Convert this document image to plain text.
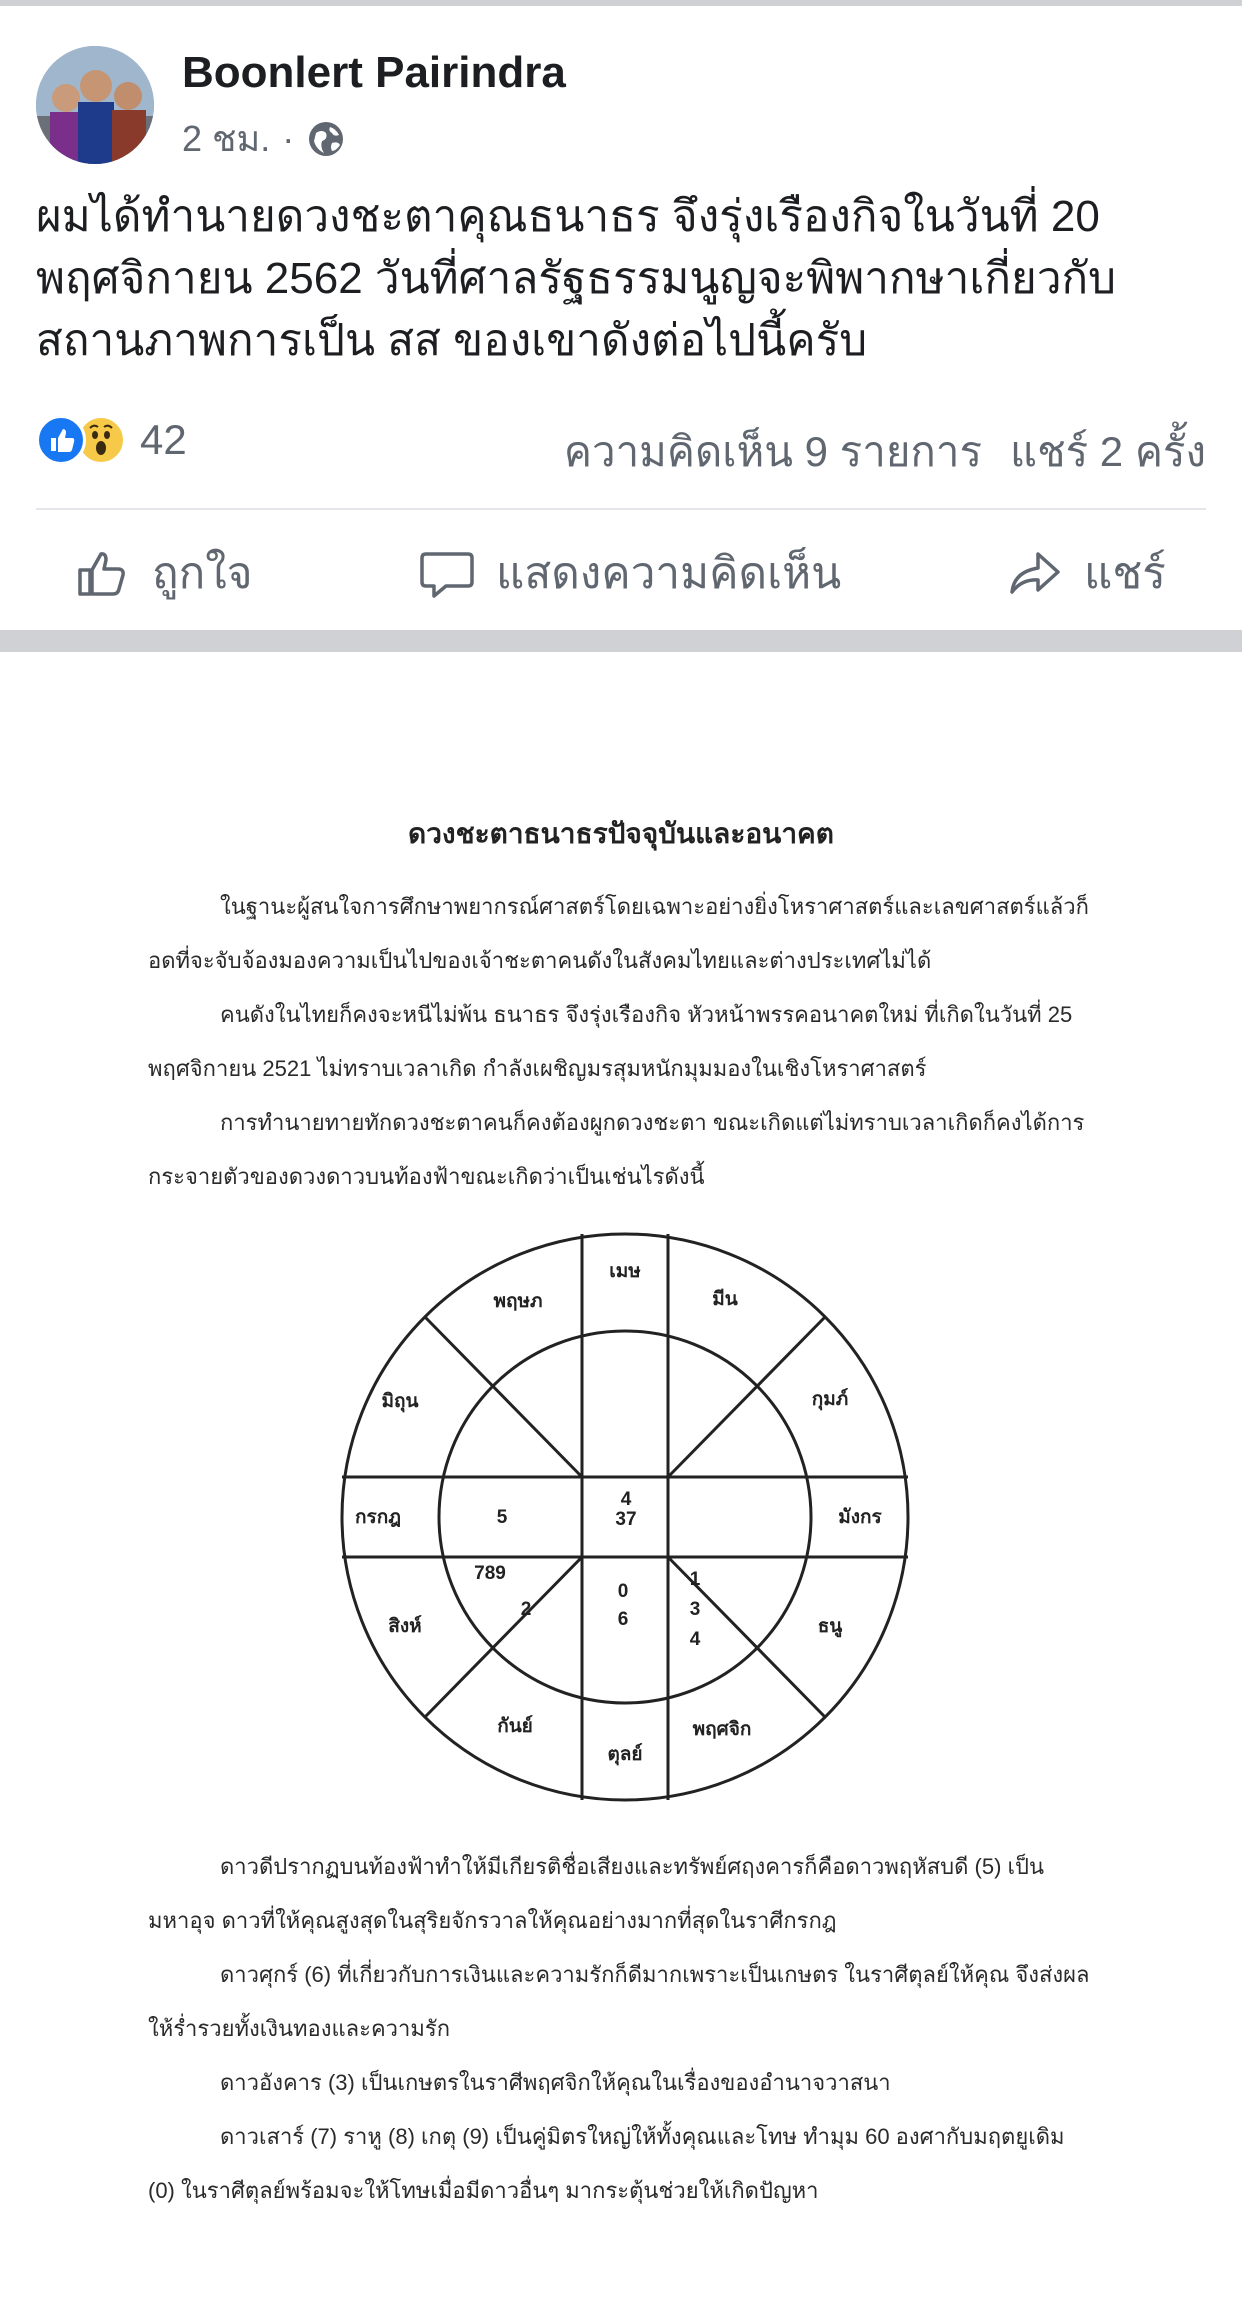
Boonlert Pairindra
2 ชม. ·
ผมได้ทำนายดวงชะตาคุณธนาธร จึงรุ่งเรืองกิจในวันที่ 20 พฤศจิกายน 2562 วันที่ศาลรัฐธรรมนูญจะพิพากษาเกี่ยวกับสถานภาพการเป็น สส ของเขาดังต่อไปนี้ครับ
42	ความคิดเห็น 9 รายการ แชร์ 2 ครั้ง
ถูกใจ	แสดงความคิดเห็น	แชร์
ดวงชะตาธนาธรปัจจุบันและอนาคต
ในฐานะผู้สนใจการศึกษาพยากรณ์ศาสตร์โดยเฉพาะอย่างยิ่งโหราศาสตร์และเลขศาสตร์แล้วก็อดที่จะจับจ้องมองความเป็นไปของเจ้าชะตาคนดังในสังคมไทยและต่างประเทศไม่ได้
คนดังในไทยก็คงจะหนีไม่พ้น ธนาธร จึงรุ่งเรืองกิจ หัวหน้าพรรคอนาคตใหม่ ที่เกิดในวันที่ 25 พฤศจิกายน 2521 ไม่ทราบเวลาเกิด กำลังเผชิญมรสุมหนักมุมมองในเชิงโหราศาสตร์
การทำนายทายทักดวงชะตาคนก็คงต้องผูกดวงชะตา ขณะเกิดแต่ไม่ทราบเวลาเกิดก็คงได้การกระจายตัวของดวงดาวบนท้องฟ้าขณะเกิดว่าเป็นเช่นไรดังนี้
เมษ
มีน
กุมภ์
มังกร
ธนู
พฤศจิก
ตุลย์
กันย์
สิงห์
กรกฎ
มิถุน
พฤษภ
4
37
5
789
2
0
6
1
3
4
ดาวดีปรากฏบนท้องฟ้าทำให้มีเกียรติชื่อเสียงและทรัพย์ศฤงคารก็คือดาวพฤหัสบดี (5) เป็นมหาอุจ ดาวที่ให้คุณสูงสุดในสุริยจักรวาลให้คุณอย่างมากที่สุดในราศีกรกฎ
ดาวศุกร์ (6) ที่เกี่ยวกับการเงินและความรักก็ดีมากเพราะเป็นเกษตร ในราศีตุลย์ให้คุณ จึงส่งผลให้ร่ำรวยทั้งเงินทองและความรัก
ดาวอังคาร (3) เป็นเกษตรในราศีพฤศจิกให้คุณในเรื่องของอำนาจวาสนา
ดาวเสาร์ (7) ราหู (8) เกตุ (9) เป็นคู่มิตรใหญ่ให้ทั้งคุณและโทษ ทำมุม 60 องศากับมฤตยูเดิม (0) ในราศีตุลย์พร้อมจะให้โทษเมื่อมีดาวอื่นๆ มากระตุ้นช่วยให้เกิดปัญหา
